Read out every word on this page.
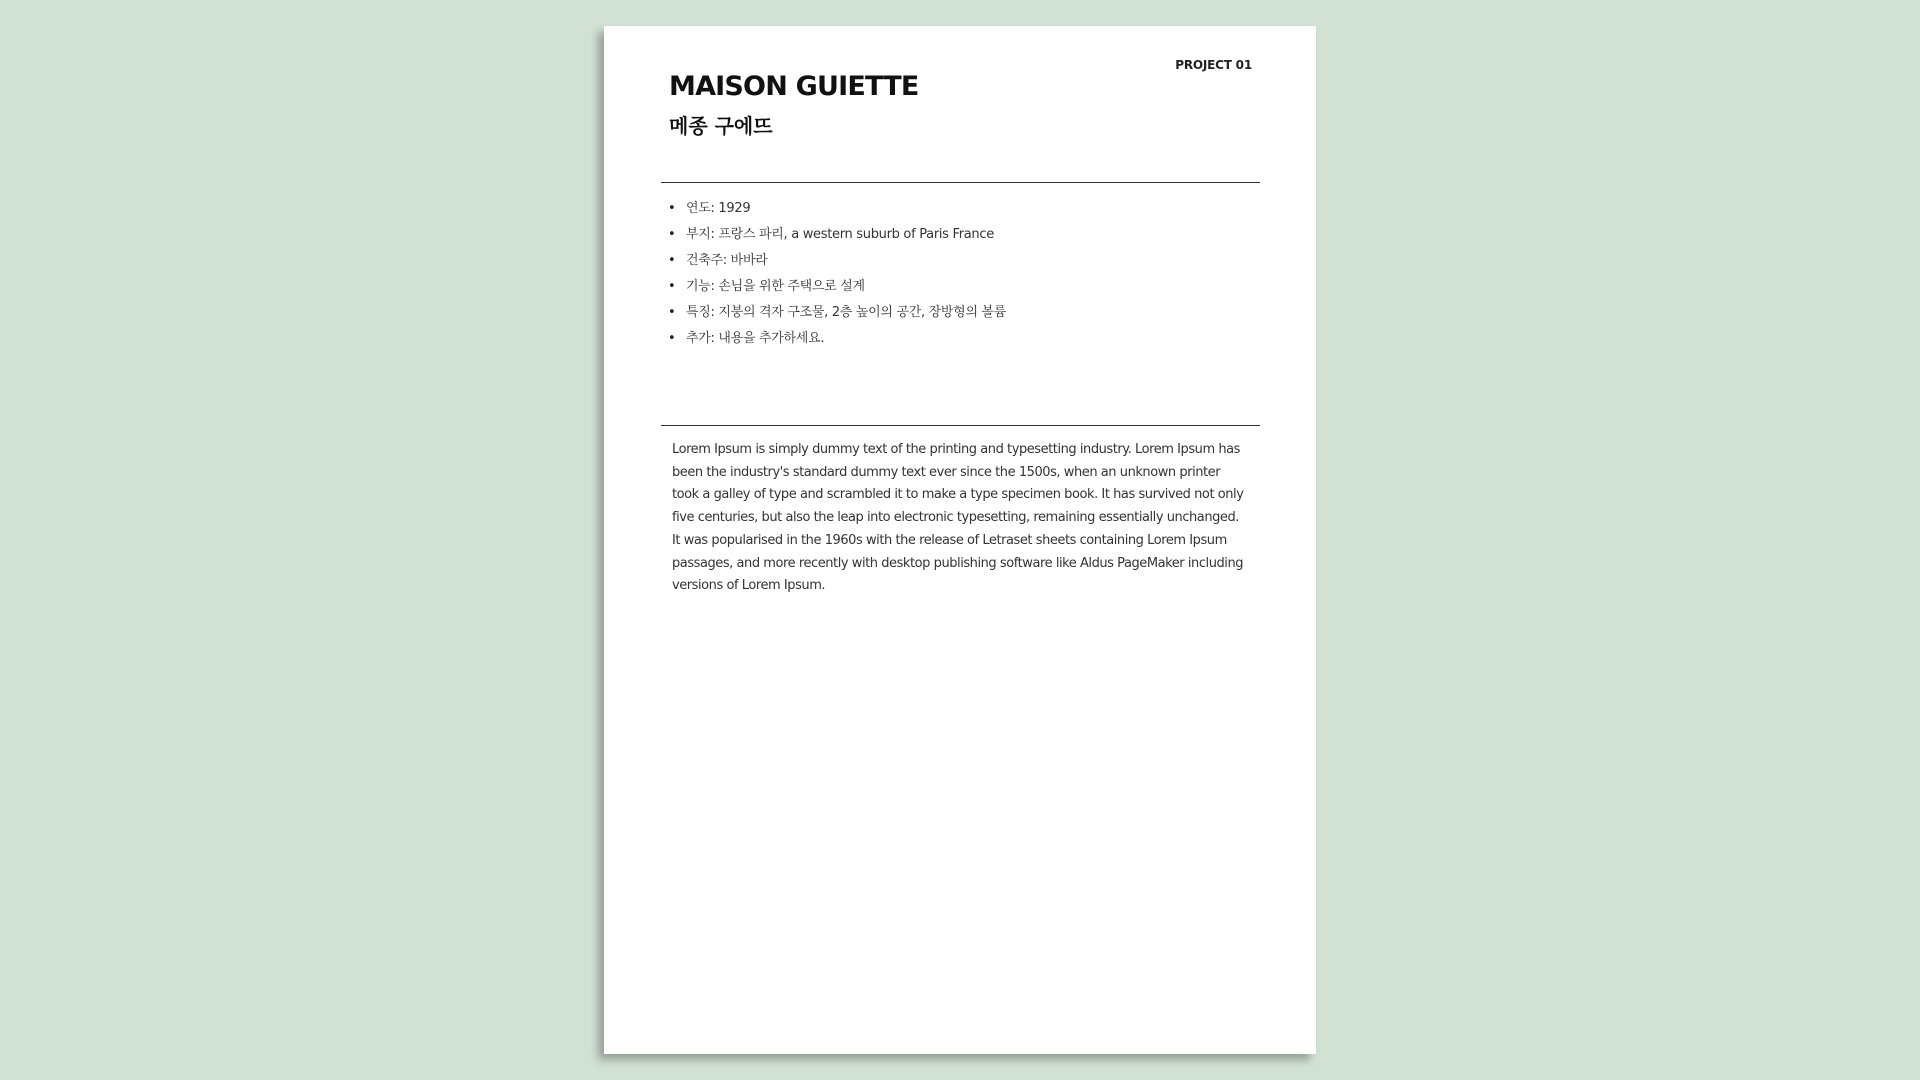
PROJECT 01
MAISON GUIETTE
메종 구에뜨
• 연도: 1929
• 부지: 프랑스 파리, a western suburb of Paris France
• 건축주: 바바라
• 기능: 손님을 위한 주택으로 설계
• 특징: 지붕의 격자 구조물, 2층 높이의 공간, 장방형의 볼륨
• 추가: 내용을 추가하세요.

Lorem Ipsum is simply dummy text of the printing and typesetting industry. Lorem Ipsum has been the industry's standard dummy text ever since the 1500s, when an unknown printer took a galley of type and scrambled it to make a type specimen book. It has survived not only five centuries, but also the leap into electronic typesetting, remaining essentially unchanged. It was popularised in the 1960s with the release of Letraset sheets containing Lorem Ipsum passages, and more recently with desktop publishing software like Aldus PageMaker including versions of Lorem Ipsum.
